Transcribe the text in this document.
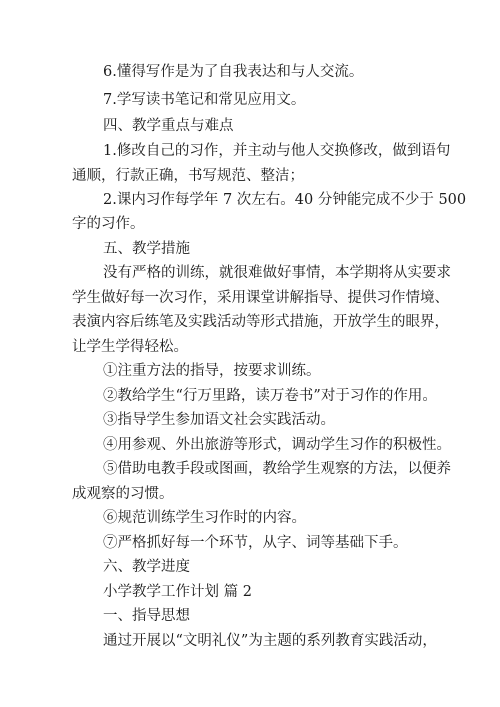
6.懂得写作是为了自我表达和与人交流。
7.学写读书笔记和常见应用文。
四、教学重点与难点
1.修改自己的习作，并主动与他人交换修改，做到语句
通顺，行款正确，书写规范、整洁；
2.课内习作每学年 7 次左右。40 分钟能完成不少于 500
字的习作。
五、教学措施
没有严格的训练，就很难做好事情，本学期将从实要求
学生做好每一次习作，采用课堂讲解指导、提供习作情境、
表演内容后练笔及实践活动等形式措施，开放学生的眼界，
让学生学得轻松。
①注重方法的指导，按要求训练。
②教给学生“行万里路，读万卷书”对于习作的作用。
③指导学生参加语文社会实践活动。
④用参观、外出旅游等形式，调动学生习作的积极性。
⑤借助电教手段或图画，教给学生观察的方法，以便养
成观察的习惯。
⑥规范训练学生习作时的内容。
⑦严格抓好每一个环节，从字、词等基础下手。
六、教学进度
小学教学工作计划 篇 2
一、指导思想
通过开展以“文明礼仪”为主题的系列教育实践活动，
